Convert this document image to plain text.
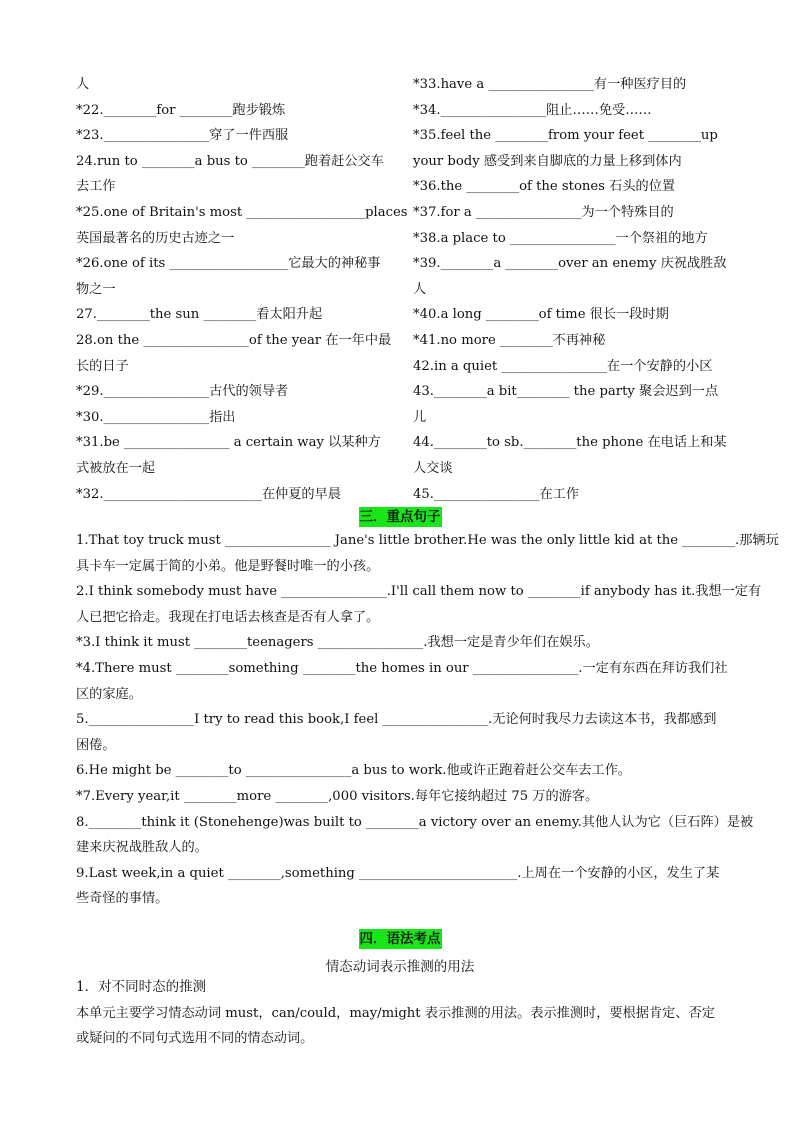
人
*22.________for ________跑步锻炼
*23.________________穿了一件西服
24.run to ________a bus to ________跑着赶公交车
去工作
*25.one of Britain's most __________________places
英国最著名的历史古迹之一
*26.one of its __________________它最大的神秘事
物之一
27.________the sun ________看太阳升起
28.on the ________________of the year 在一年中最
长的日子
*29.________________古代的领导者
*30.________________指出
*31.be ________________ a certain way 以某种方
式被放在一起
*32.________________________在仲夏的早晨
*33.have a ________________有一种医疗目的
*34.________________阻止……免受……
*35.feel the ________from your feet ________up
your body 感受到来自脚底的力量上移到体内
*36.the ________of the stones 石头的位置
*37.for a ________________为一个特殊目的
*38.a place to ________________一个祭祖的地方
*39.________a ________over an enemy 庆祝战胜敌
人
*40.a long ________of time 很长一段时期
*41.no more ________不再神秘
42.in a quiet ________________在一个安静的小区
43.________a bit________ the party 聚会迟到一点
儿
44.________to sb.________the phone 在电话上和某
人交谈
45.________________在工作
三．重点句子
1.That toy truck must ________________ Jane's little brother.He was the only little kid at the ________.那辆玩
具卡车一定属于简的小弟。他是野餐时唯一的小孩。
2.I think somebody must have ________________.I'll call them now to ________if anybody has it.我想一定有
人已把它拾走。我现在打电话去核查是否有人拿了。
*3.I think it must ________teenagers ________________.我想一定是青少年们在娱乐。
*4.There must ________something ________the homes in our ________________.一定有东西在拜访我们社
区的家庭。
5.________________I try to read this book,I feel ________________.无论何时我尽力去读这本书，我都感到
困倦。
6.He might be ________to ________________a bus to work.他或许正跑着赶公交车去工作。
*7.Every year,it ________more ________,000 visitors.每年它接纳超过 75 万的游客。
8.________think it (Stonehenge)was built to ________a victory over an enemy.其他人认为它（巨石阵）是被
建来庆祝战胜敌人的。
9.Last week,in a quiet ________,something ________________________.上周在一个安静的小区，发生了某
些奇怪的事情。
四．语法考点
情态动词表示推测的用法
1．对不同时态的推测
本单元主要学习情态动词 must，can/could，may/might 表示推测的用法。表示推测时，要根据肯定、否定
或疑问的不同句式选用不同的情态动词。
